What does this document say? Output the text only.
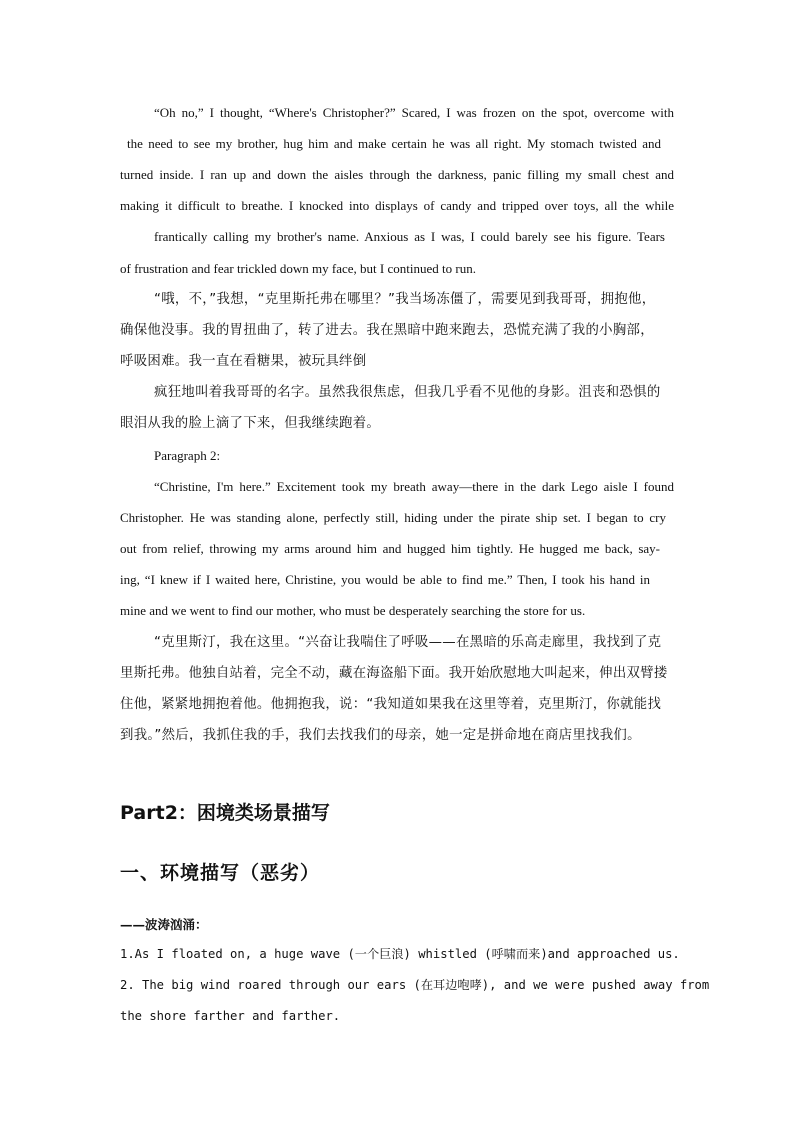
“Oh no,” I thought, “Where's Christopher?” Scared, I was frozen on the spot, overcome with
the need to see my brother, hug him and make certain he was all right. My stomach twisted and
turned inside. I ran up and down the aisles through the darkness, panic filling my small chest and
making it difficult to breathe. I knocked into displays of candy and tripped over toys, all the while
frantically calling my brother's name. Anxious as I was, I could barely see his figure. Tears
of frustration and fear trickled down my face, but I continued to run.
“哦，不，”我想，“克里斯托弗在哪里？”我当场冻僵了，需要见到我哥哥，拥抱他，
确保他没事。我的胃扭曲了，转了进去。我在黑暗中跑来跑去，恐慌充满了我的小胸部，
呼吸困难。我一直在看糖果，被玩具绊倒
疯狂地叫着我哥哥的名字。虽然我很焦虑，但我几乎看不见他的身影。沮丧和恐惧的
眼泪从我的脸上滴了下来，但我继续跑着。
Paragraph 2:
“Christine, I'm here.” Excitement took my breath away—there in the dark Lego aisle I found
Christopher. He was standing alone, perfectly still, hiding under the pirate ship set. I began to cry
out from relief, throwing my arms around him and hugged him tightly. He hugged me back, say-
ing, “I knew if I waited here, Christine, you would be able to find me.” Then, I took his hand in
mine and we went to find our mother, who must be desperately searching the store for us.
“克里斯汀，我在这里。“兴奋让我喘住了呼吸——在黑暗的乐高走廊里，我找到了克
里斯托弗。他独自站着，完全不动，藏在海盗船下面。我开始欣慰地大叫起来，伸出双臂搂
住他，紧紧地拥抱着他。他拥抱我，说：“我知道如果我在这里等着，克里斯汀，你就能找
到我。”然后，我抓住我的手，我们去找我们的母亲，她一定是拼命地在商店里找我们。
Part2：困境类场景描写
一、环境描写（恶劣）
——波涛汹涌：
1.As I floated on, a huge wave (一个巨浪) whistled (呼啸而来)and approached us.
2. The big wind roared through our ears (在耳边咆哮), and we were pushed away from
the shore farther and farther.
